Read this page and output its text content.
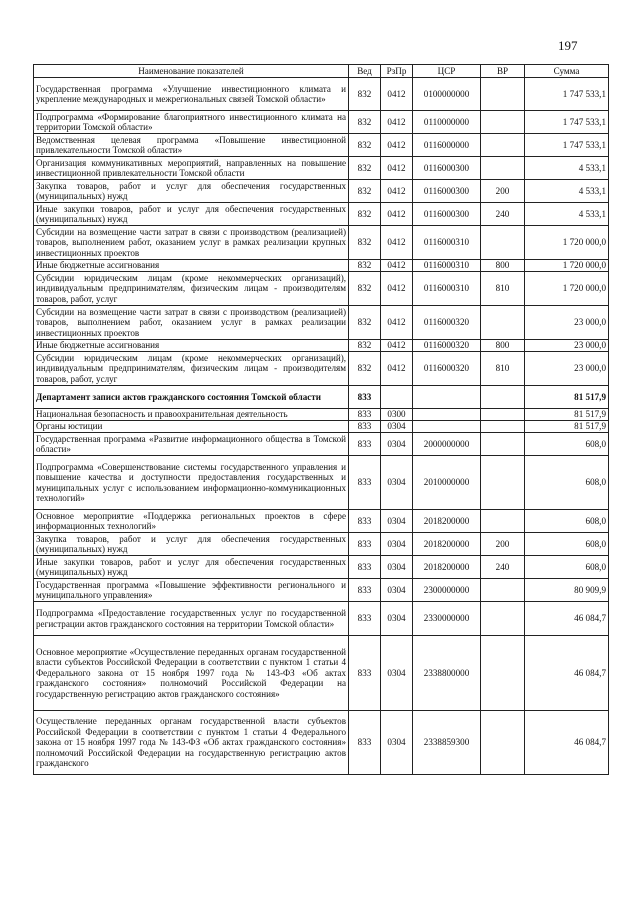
197
Наименование показателей	Вед	РзПр	ЦСР	ВР	Сумма
Государственная программа «Улучшение инвестиционного климата и укрепление международных и межрегиональных связей Томской области»	832	0412	0100000000		1 747 533,1
Подпрограмма «Формирование благоприятного инвестиционного климата на территории Томской области»	832	0412	0110000000		1 747 533,1
Ведомственная целевая программа «Повышение инвестиционной привлекательности Томской области»	832	0412	0116000000		1 747 533,1
Организация коммуникативных мероприятий, направленных на повышение инвестиционной привлекательности Томской области	832	0412	0116000300		4 533,1
Закупка товаров, работ и услуг для обеспечения государственных (муниципальных) нужд	832	0412	0116000300	200	4 533,1
Иные закупки товаров, работ и услуг для обеспечения государственных (муниципальных) нужд	832	0412	0116000300	240	4 533,1
Субсидии на возмещение части затрат в связи с производством (реализацией) товаров, выполнением работ, оказанием услуг в рамках реализации крупных инвестиционных проектов	832	0412	0116000310		1 720 000,0
Иные бюджетные ассигнования	832	0412	0116000310	800	1 720 000,0
Субсидии юридическим лицам (кроме некоммерческих организаций), индивидуальным предпринимателям, физическим лицам - производителям товаров, работ, услуг	832	0412	0116000310	810	1 720 000,0
Субсидии на возмещение части затрат в связи с производством (реализацией) товаров, выполнением работ, оказанием услуг в рамках реализации инвестиционных проектов	832	0412	0116000320		23 000,0
Иные бюджетные ассигнования	832	0412	0116000320	800	23 000,0
Субсидии юридическим лицам (кроме некоммерческих организаций), индивидуальным предпринимателям, физическим лицам - производителям товаров, работ, услуг	832	0412	0116000320	810	23 000,0
Департамент записи актов гражданского состояния Томской области	833				81 517,9
Национальная безопасность и правоохранительная деятельность	833	0300			81 517,9
Органы юстиции	833	0304			81 517,9
Государственная программа «Развитие информационного общества в Томской области»	833	0304	2000000000		608,0
Подпрограмма «Совершенствование системы государственного управления и повышение качества и доступности предоставления государственных и муниципальных услуг с использованием информационно-коммуникационных технологий»	833	0304	2010000000		608,0
Основное мероприятие «Поддержка региональных проектов в сфере информационных технологий»	833	0304	2018200000		608,0
Закупка товаров, работ и услуг для обеспечения государственных (муниципальных) нужд	833	0304	2018200000	200	608,0
Иные закупки товаров, работ и услуг для обеспечения государственных (муниципальных) нужд	833	0304	2018200000	240	608,0
Государственная программа «Повышение эффективности регионального и муниципального управления»	833	0304	2300000000		80 909,9
Подпрограмма «Предоставление государственных услуг по государственной регистрации актов гражданского состояния на территории Томской области»	833	0304	2330000000		46 084,7
Основное мероприятие «Осуществление переданных органам государственной власти субъектов Российской Федерации в соответствии с пунктом 1 статьи 4 Федерального закона от 15 ноября 1997 года № 143-ФЗ «Об актах гражданского состояния» полномочий Российской Федерации на государственную регистрацию актов гражданского состояния»	833	0304	2338800000		46 084,7
Осуществление переданных органам государственной власти субъектов Российской Федерации в соответствии с пунктом 1 статьи 4 Федерального закона от 15 ноября 1997 года № 143-ФЗ «Об актах гражданского состояния» полномочий Российской Федерации на государственную регистрацию актов гражданского	833	0304	2338859300		46 084,7
